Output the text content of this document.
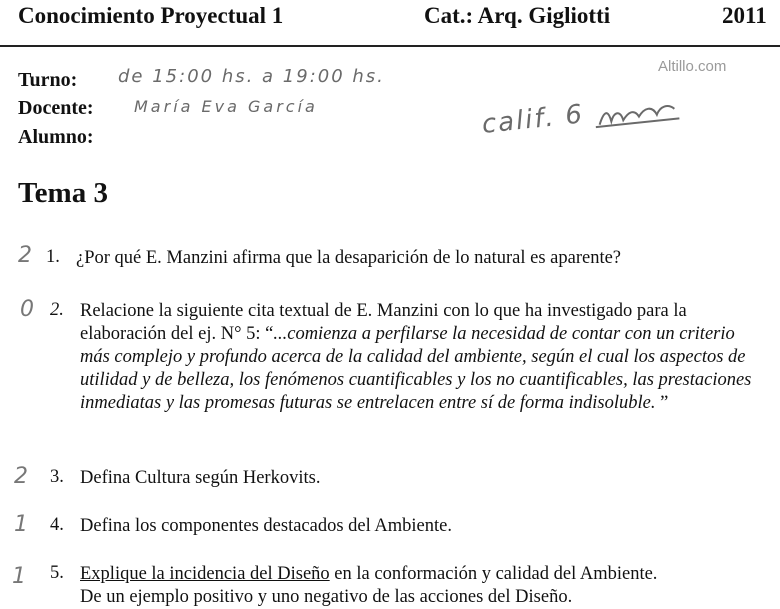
Conocimiento Proyectual 1	Cat.: Arq. Gigliotti	2011
Altillo.com
Turno: de 15:00 hs. a 19:00 hs.
Docente:	María Eva García
Alumno:	calif. 6
Tema 3
2 1. ¿Por qué E. Manzini afirma que la desaparición de lo natural es aparente?
0 2. Relacione la siguiente cita textual de E. Manzini con lo que ha investigado para la elaboración del ej. N° 5: “...comienza a perfilarse la necesidad de contar con un criterio más complejo y profundo acerca de la calidad del ambiente, según el cual los aspectos de utilidad y de belleza, los fenómenos cuantificables y los no cuantificables, las prestaciones inmediatas y las promesas futuras se entrelacen entre sí de forma indisoluble. ”
2 3. Defina Cultura según Herkovits.
1 4. Defina los componentes destacados del Ambiente.
1 5. Explique la incidencia del Diseño en la conformación y calidad del Ambiente.
De un ejemplo positivo y uno negativo de las acciones del Diseño.
